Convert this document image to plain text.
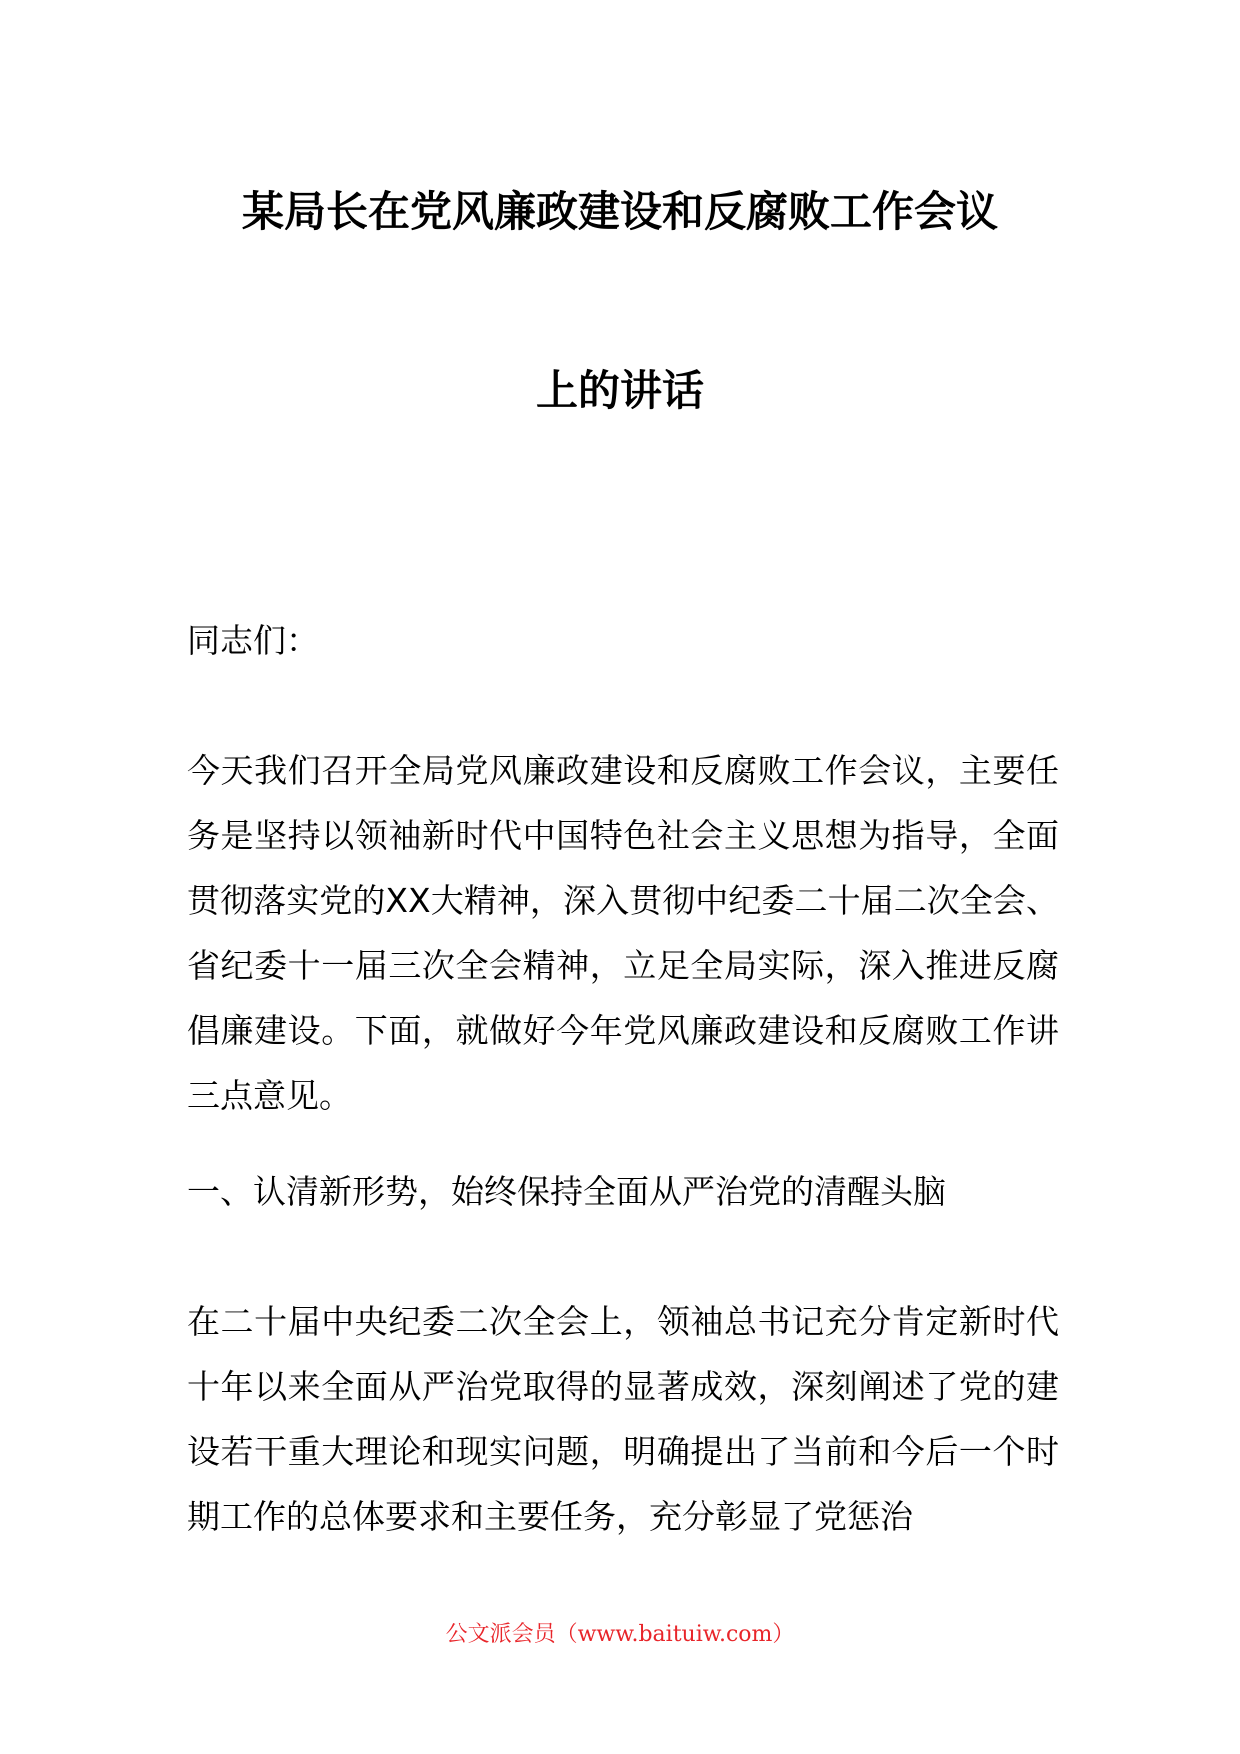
某局长在党风廉政建设和反腐败工作会议
上的讲话

同志们：

今天我们召开全局党风廉政建设和反腐败工作会议，主要任务是坚持以领袖新时代中国特色社会主义思想为指导，全面贯彻落实党的XX大精神，深入贯彻中纪委二十届二次全会、省纪委十一届三次全会精神，立足全局实际，深入推进反腐倡廉建设。下面，就做好今年党风廉政建设和反腐败工作讲三点意见。

一、认清新形势，始终保持全面从严治党的清醒头脑

在二十届中央纪委二次全会上，领袖总书记充分肯定新时代十年以来全面从严治党取得的显著成效，深刻阐述了党的建设若干重大理论和现实问题，明确提出了当前和今后一个时期工作的总体要求和主要任务，充分彰显了党惩治

公文派会员（www.baituiw.com）
